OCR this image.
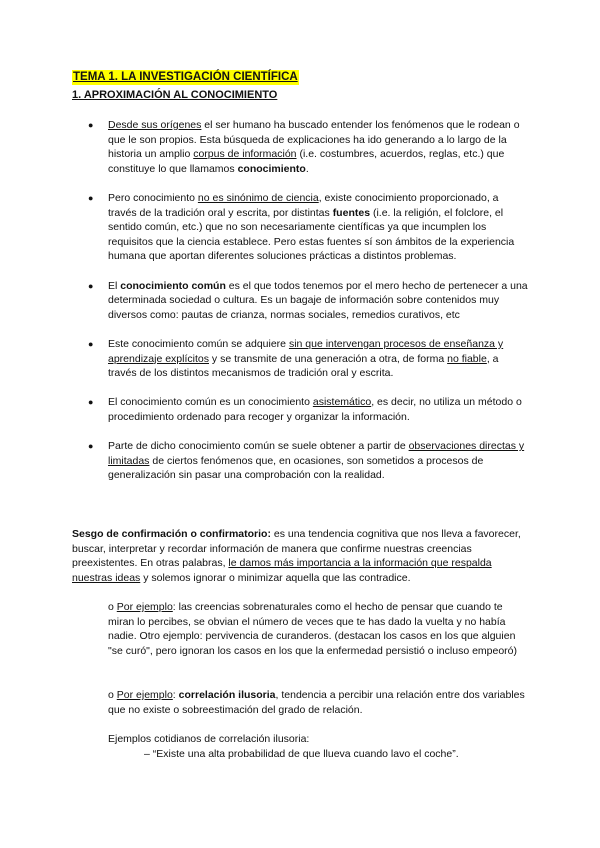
TEMA 1. LA INVESTIGACIÓN CIENTÍFICA
1. APROXIMACIÓN AL CONOCIMIENTO
● Desde sus orígenes el ser humano ha buscado entender los fenómenos que le rodean o que le son propios. Esta búsqueda de explicaciones ha ido generando a lo largo de la historia un amplio corpus de información (i.e. costumbres, acuerdos, reglas, etc.) que constituye lo que llamamos conocimiento.
● Pero conocimiento no es sinónimo de ciencia, existe conocimiento proporcionado, a través de la tradición oral y escrita, por distintas fuentes (i.e. la religión, el folclore, el sentido común, etc.) que no son necesariamente científicas ya que incumplen los requisitos que la ciencia establece. Pero estas fuentes sí son ámbitos de la experiencia humana que aportan diferentes soluciones prácticas a distintos problemas.
● El conocimiento común es el que todos tenemos por el mero hecho de pertenecer a una determinada sociedad o cultura. Es un bagaje de información sobre contenidos muy diversos como: pautas de crianza, normas sociales, remedios curativos, etc
● Este conocimiento común se adquiere sin que intervengan procesos de enseñanza y aprendizaje explícitos y se transmite de una generación a otra, de forma no fiable, a través de los distintos mecanismos de tradición oral y escrita.
● El conocimiento común es un conocimiento asistemático, es decir, no utiliza un método o procedimiento ordenado para recoger y organizar la información.
● Parte de dicho conocimiento común se suele obtener a partir de observaciones directas y limitadas de ciertos fenómenos que, en ocasiones, son sometidos a procesos de generalización sin pasar una comprobación con la realidad.
Sesgo de confirmación o confirmatorio: es una tendencia cognitiva que nos lleva a favorecer, buscar, interpretar y recordar información de manera que confirme nuestras creencias preexistentes. En otras palabras, le damos más importancia a la información que respalda nuestras ideas y solemos ignorar o minimizar aquella que las contradice.
o Por ejemplo: las creencias sobrenaturales como el hecho de pensar que cuando te miran lo percibes, se obvian el número de veces que te has dado la vuelta y no había nadie. Otro ejemplo: pervivencia de curanderos. (destacan los casos en los que alguien "se curó", pero ignoran los casos en los que la enfermedad persistió o incluso empeoró)
o Por ejemplo: correlación ilusoria, tendencia a percibir una relación entre dos variables que no existe o sobreestimación del grado de relación.
Ejemplos cotidianos de correlación ilusoria:
– “Existe una alta probabilidad de que llueva cuando lavo el coche”.
